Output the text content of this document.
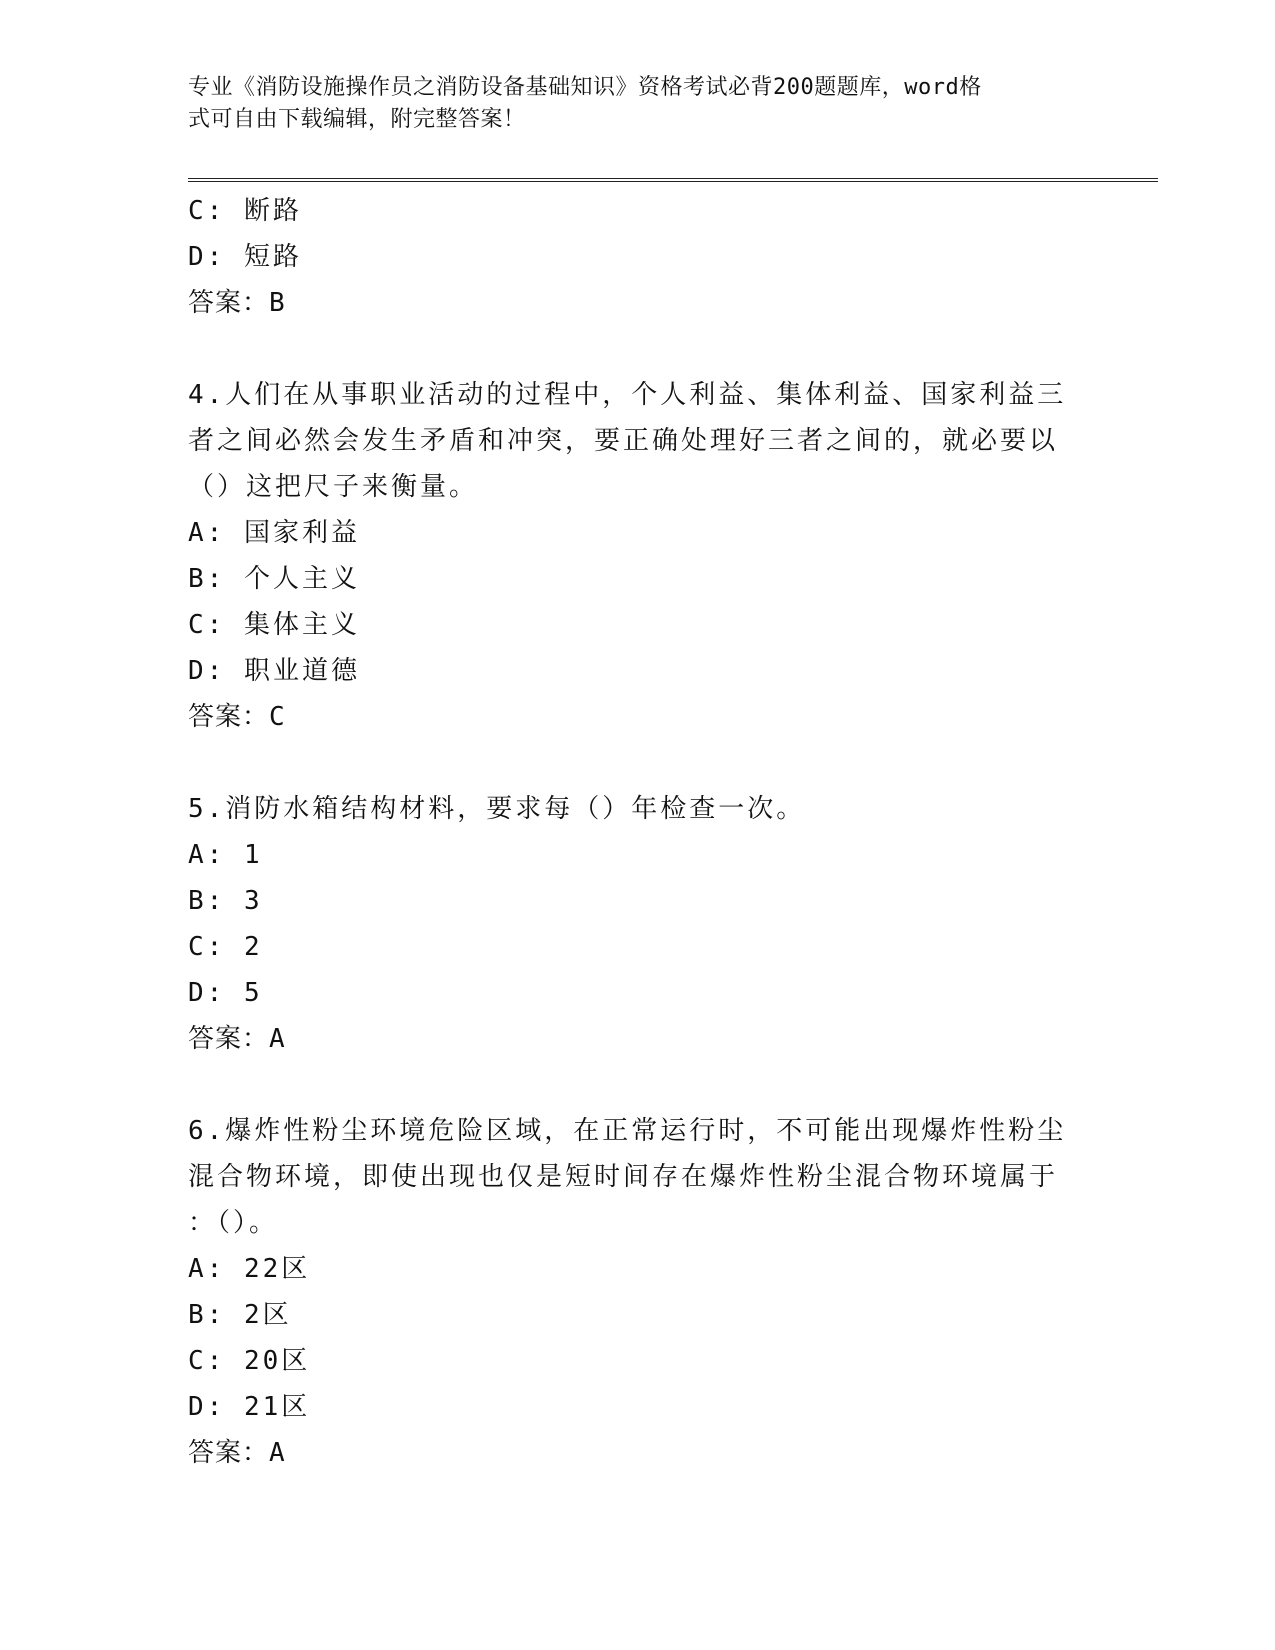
专业《消防设施操作员之消防设备基础知识》资格考试必背200题题库，word格
式可自由下载编辑，附完整答案！
C: 断路
D: 短路
答案：B
4.人们在从事职业活动的过程中，个人利益、集体利益、国家利益三
者之间必然会发生矛盾和冲突，要正确处理好三者之间的，就必要以
（）这把尺子来衡量。
A: 国家利益
B: 个人主义
C: 集体主义
D: 职业道德
答案：C
5.消防水箱结构材料，要求每（）年检查一次。
A: 1
B: 3
C: 2
D: 5
答案：A
6.爆炸性粉尘环境危险区域，在正常运行时，不可能出现爆炸性粉尘
混合物环境，即使出现也仅是短时间存在爆炸性粉尘混合物环境属于
：（）。
A: 22区
B: 2区
C: 20区
D: 21区
答案：A
